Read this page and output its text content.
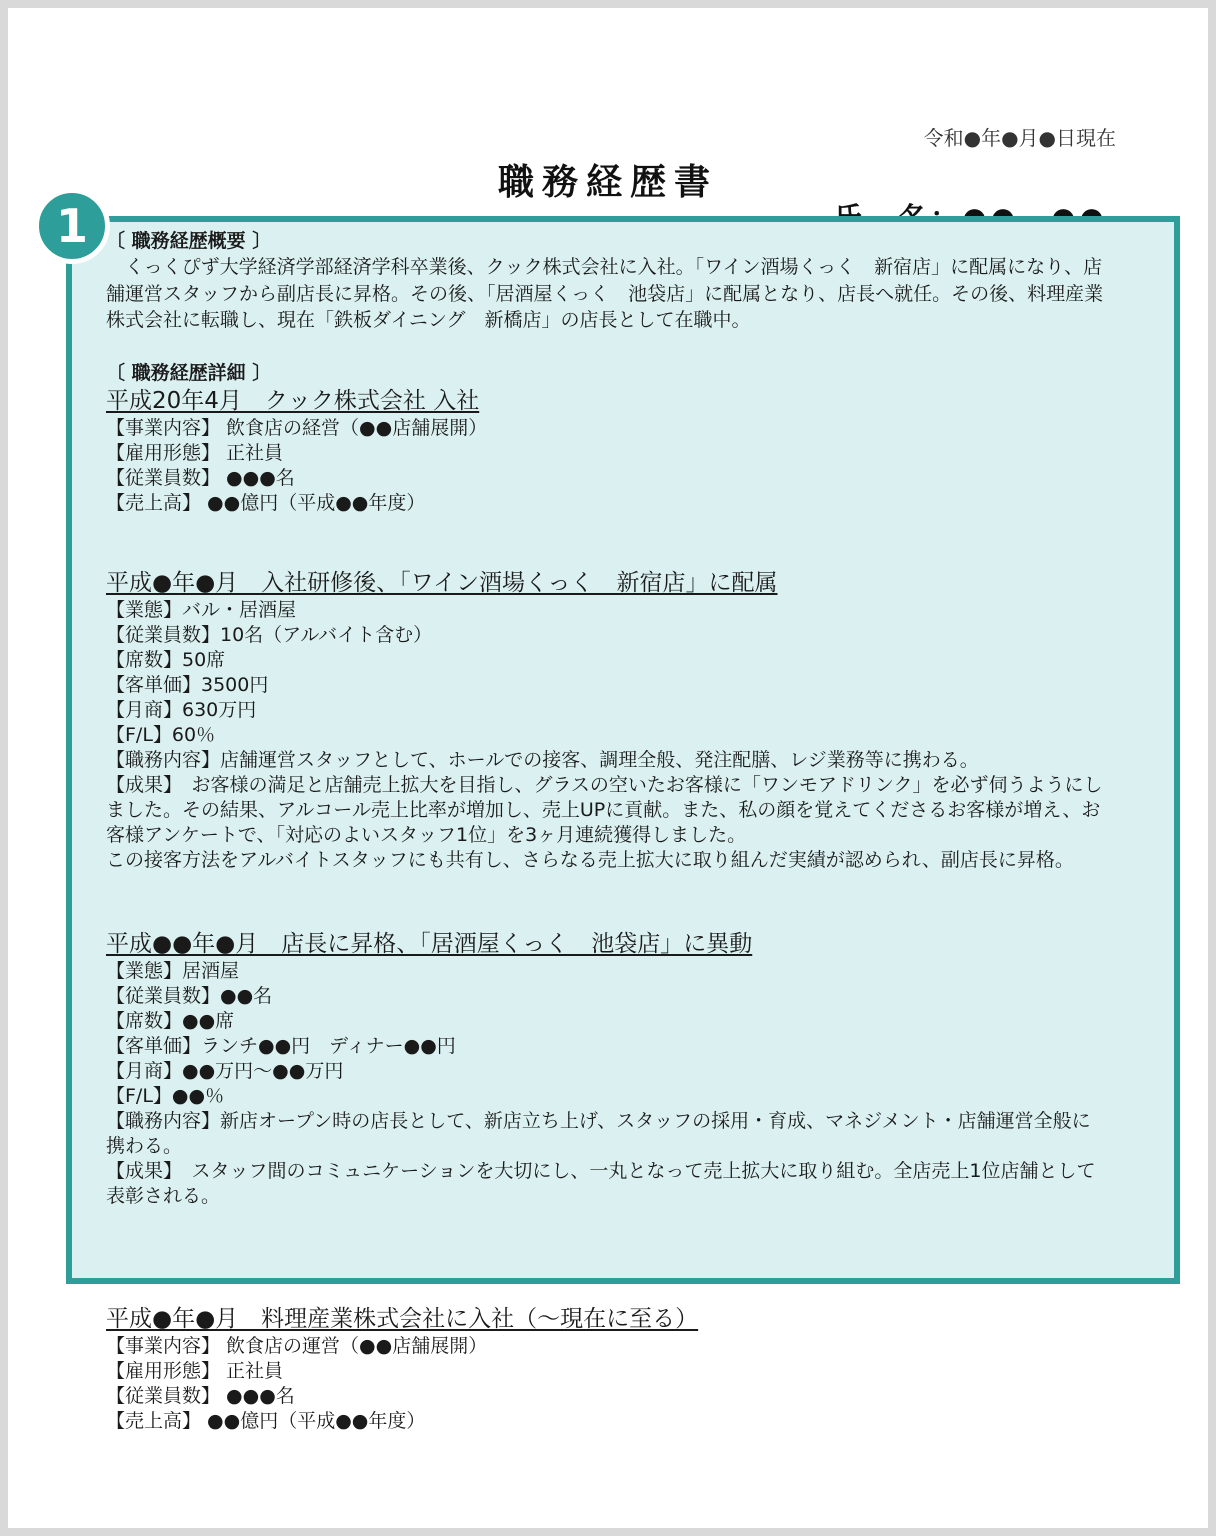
令和●年●月●日現在
職務経歴書
1 〔 職務経歴概要 〕

くっくぴず大学経済学部経済学科卒業後、クック株式会社に入社。「ワイン酒場くっく　新宿店」に配属になり、店舗運営スタッフから副店長に昇格。その後、「居酒屋くっく　池袋店」に配属となり、店長へ就任。その後、料理産業株式会社に転職し、現在「鉄板ダイニング　新橋店」の店長として在職中。

〔 職務経歴詳細 〕
平成20年4月　クック株式会社 入社
【事業内容】 飲食店の経営（●●店舗展開）
【雇用形態】 正社員
【従業員数】 ●●●名
【売上高】 ●●億円（平成●●年度）
平成●年●月　入社研修後、「ワイン酒場くっく　新宿店」に配属
【業態】バル・居酒屋
【従業員数】10名（アルバイト含む）
【席数】50席
【客単価】3500円
【月商】630万円
【F/L】60％
【職務内容】店舗運営スタッフとして、ホールでの接客、調理全般、発注配膳、レジ業務等に携わる。

【成果】　お客様の満足と店舗売上拡大を目指し、グラスの空いたお客様に「ワンモアドリンク」を必ず伺うようにしました。その結果、アルコール売上比率が増加し、売上UPに貢献。また、私の顔を覚えてくださるお客様が増え、お客様アンケートで、「対応のよいスタッフ1位」を3ヶ月連続獲得しました。

この接客方法をアルバイトスタッフにも共有し、さらなる売上拡大に取り組んだ実績が認められ、副店長に昇格。

平成●●年●月　店長に昇格、「居酒屋くっく　池袋店」に異動
【業態】居酒屋
【従業員数】●●名
【席数】●●席
【客単価】ランチ●●円　ディナー●●円
【月商】●●万円〜●●万円
【F/L】●●％

【職務内容】新店オープン時の店長として、新店立ち上げ、スタッフの採用・育成、マネジメント・店舗運営全般に携わる。

【成果】　スタッフ間のコミュニケーションを大切にし、一丸となって売上拡大に取り組む。全店売上1位店舗として表彰される。

平成●年●月　料理産業株式会社に入社（〜現在に至る）
【事業内容】 飲食店の運営（●●店舗展開）
【雇用形態】 正社員
【従業員数】 ●●●名
【売上高】 ●●億円（平成●●年度）
